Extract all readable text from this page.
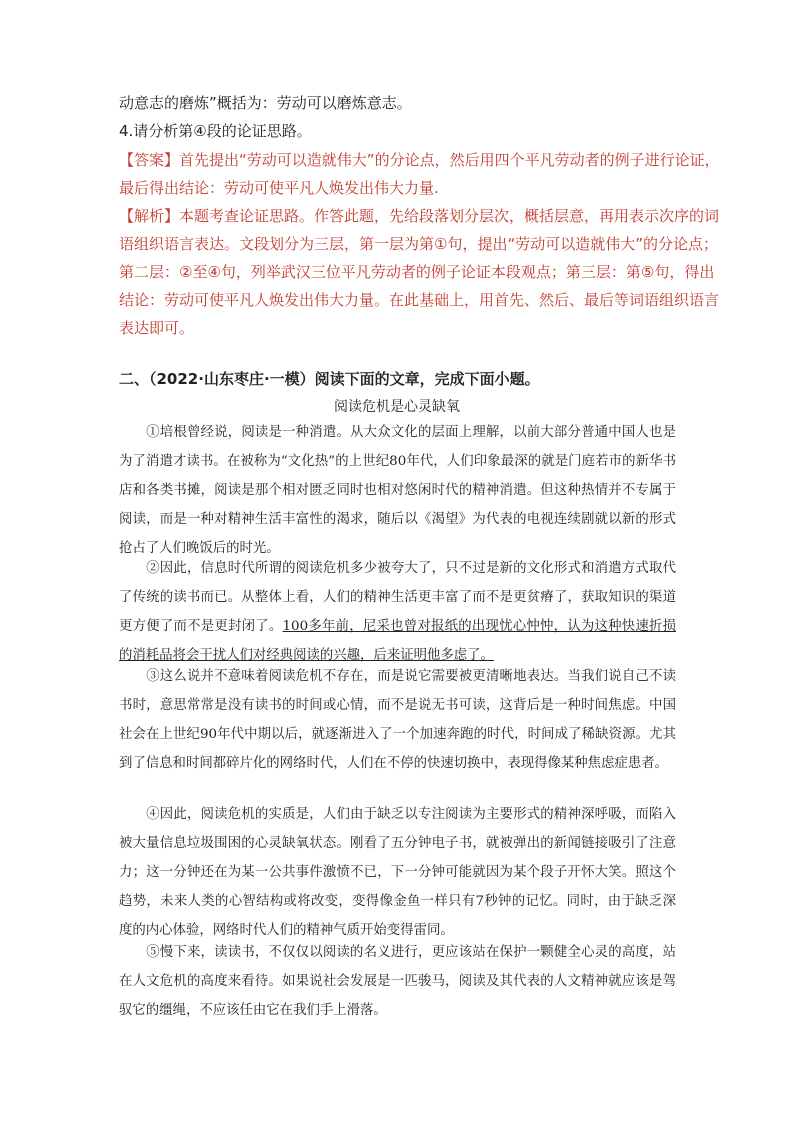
动意志的磨炼”概括为：劳动可以磨炼意志。
4.请分析第④段的论证思路。
【答案】首先提出“劳动可以造就伟大”的分论点，然后用四个平凡劳动者的例子进行论证，
最后得出结论：劳动可使平凡人焕发出伟大力量.
【解析】本题考查论证思路。作答此题，先给段落划分层次，概括层意，再用表示次序的词
语组织语言表达。文段划分为三层，第一层为第①句，提出“劳动可以造就伟大”的分论点；
第二层：②至④句，列举武汉三位平凡劳动者的例子论证本段观点；第三层：第⑤句，得出
结论：劳动可使平凡人焕发出伟大力量。在此基础上，用首先、然后、最后等词语组织语言
表达即可。
二、（2022·山东枣庄·一模）阅读下面的文章，完成下面小题。
阅读危机是心灵缺氧
①培根曾经说，阅读是一种消遣。从大众文化的层面上理解，以前大部分普通中国人也是为了消遣才读书。在被称为“文化热”的上世纪80年代，人们印象最深的就是门庭若市的新华书店和各类书摊，阅读是那个相对匮乏同时也相对悠闲时代的精神消遣。但这种热情并不专属于阅读，而是一种对精神生活丰富性的渴求，随后以《渴望》为代表的电视连续剧就以新的形式抢占了人们晚饭后的时光。
②因此，信息时代所谓的阅读危机多少被夸大了，只不过是新的文化形式和消遣方式取代了传统的读书而已。从整体上看，人们的精神生活更丰富了而不是更贫瘠了，获取知识的渠道更方便了而不是更封闭了。100多年前，尼采也曾对报纸的出现忧心忡忡，认为这种快速折损的消耗品将会干扰人们对经典阅读的兴趣，后来证明他多虑了。
③这么说并不意味着阅读危机不存在，而是说它需要被更清晰地表达。当我们说自己不读书时，意思常常是没有读书的时间或心情，而不是说无书可读，这背后是一种时间焦虑。中国社会在上世纪90年代中期以后，就逐渐进入了一个加速奔跑的时代，时间成了稀缺资源。尤其到了信息和时间都碎片化的网络时代，人们在不停的快速切换中，表现得像某种焦虑症患者。
④因此，阅读危机的实质是，人们由于缺乏以专注阅读为主要形式的精神深呼吸，而陷入被大量信息垃圾围困的心灵缺氧状态。刚看了五分钟电子书，就被弹出的新闻链接吸引了注意力；这一分钟还在为某一公共事件激愤不已，下一分钟可能就因为某个段子开怀大笑。照这个趋势，未来人类的心智结构或将改变，变得像金鱼一样只有7秒钟的记忆。同时，由于缺乏深度的内心体验，网络时代人们的精神气质开始变得雷同。
⑤慢下来，读读书，不仅仅以阅读的名义进行，更应该站在保护一颗健全心灵的高度，站在人文危机的高度来看待。如果说社会发展是一匹骏马，阅读及其代表的人文精神就应该是驾驭它的缰绳，不应该任由它在我们手上滑落。
